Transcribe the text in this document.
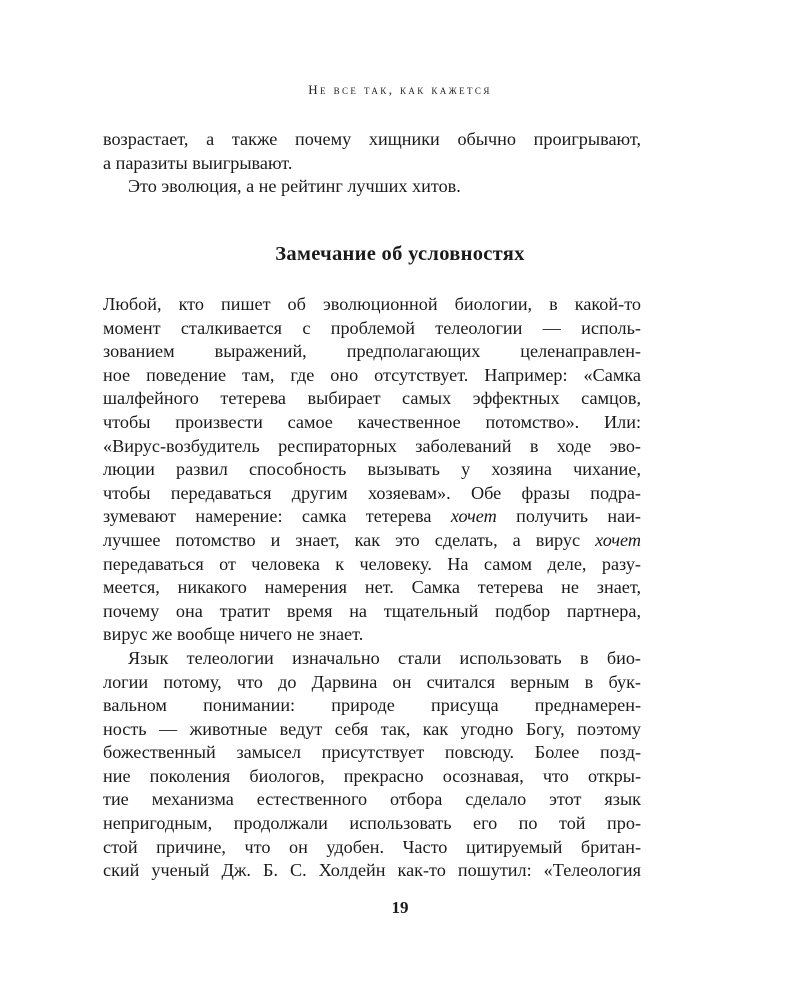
Не все так, как кажется
возрастает, а также почему хищники обычно проигрывают,
а паразиты выигрывают.
Это эволюция, а не рейтинг лучших хитов.
Замечание об условностях
Любой, кто пишет об эволюционной биологии, в какой-то
момент сталкивается с проблемой телеологии — исполь-
зованием выражений, предполагающих целенаправлен-
ное поведение там, где оно отсутствует. Например: «Самка
шалфейного тетерева выбирает самых эффектных самцов,
чтобы произвести самое качественное потомство». Или:
«Вирус-возбудитель респираторных заболеваний в ходе эво-
люции развил способность вызывать у хозяина чихание,
чтобы передаваться другим хозяевам». Обе фразы подра-
зумевают намерение: самка тетерева хочет получить наи-
лучшее потомство и знает, как это сделать, а вирус хочет
передаваться от человека к человеку. На самом деле, разу-
меется, никакого намерения нет. Самка тетерева не знает,
почему она тратит время на тщательный подбор партнера,
вирус же вообще ничего не знает.
Язык телеологии изначально стали использовать в био-
логии потому, что до Дарвина он считался верным в бук-
вальном понимании: природе присуща преднамерен-
ность — животные ведут себя так, как угодно Богу, поэтому
божественный замысел присутствует повсюду. Более позд-
ние поколения биологов, прекрасно осознавая, что откры-
тие механизма естественного отбора сделало этот язык
непригодным, продолжали использовать его по той про-
стой причине, что он удобен. Часто цитируемый британ-
ский ученый Дж. Б. С. Холдейн как-то пошутил: «Телеология
19
